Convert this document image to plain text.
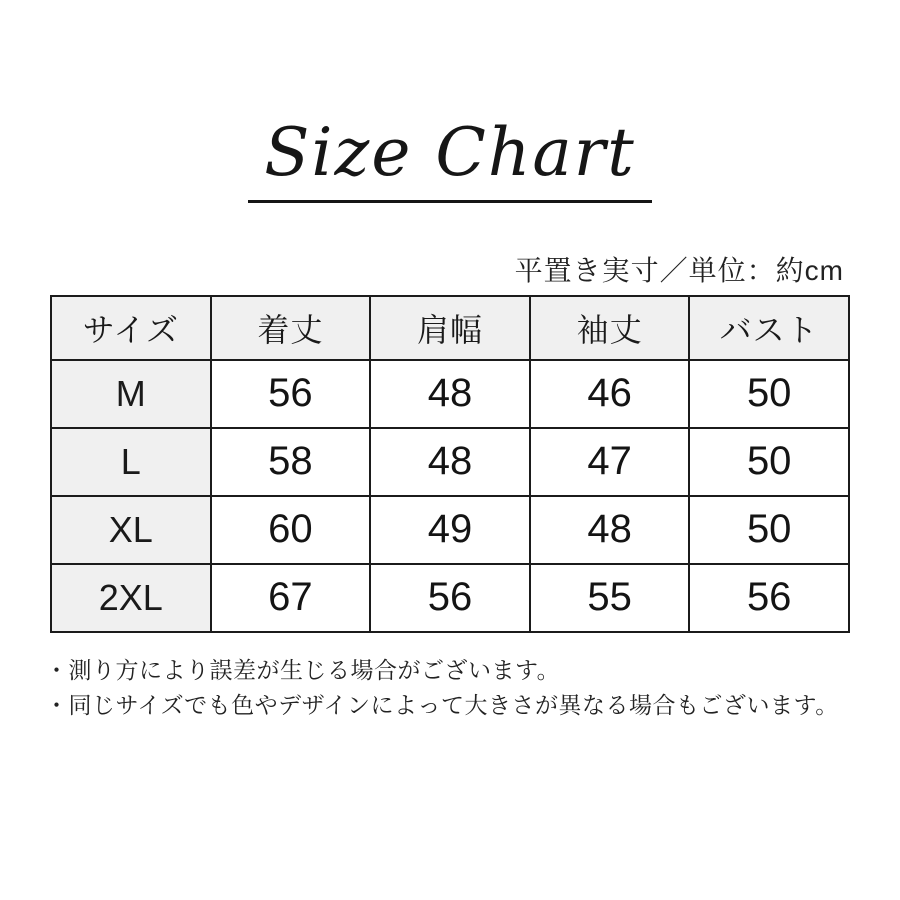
Size Chart
平置き実寸／単位：約cm
サイズ	着丈	肩幅	袖丈	バスト
M	56	48	46	50
L	58	48	47	50
XL	60	49	48	50
2XL	67	56	55	56
・測り方により誤差が生じる場合がございます。
・同じサイズでも色やデザインによって大きさが異なる場合もございます。
